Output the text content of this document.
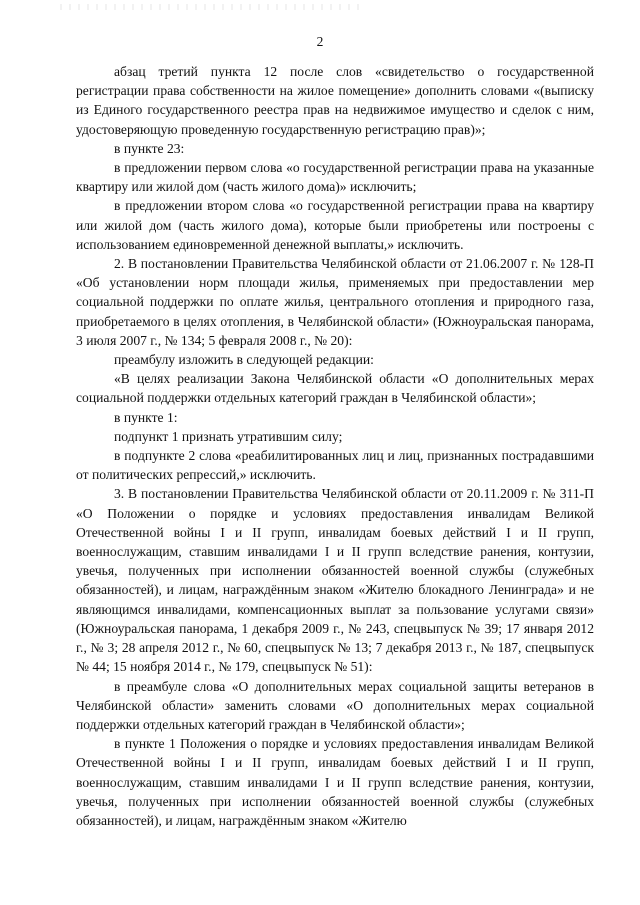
2

абзац третий пункта 12 после слов «свидетельство о государственной регистрации права собственности на жилое помещение» дополнить словами «(выписку из Единого государственного реестра прав на недвижимое имущество и сделок с ним, удостоверяющую проведенную государственную регистрацию прав)»;

в пункте 23:

в предложении первом слова «о государственной регистрации права на указанные квартиру или жилой дом (часть жилого дома)» исключить;

в предложении втором слова «о государственной регистрации права на квартиру или жилой дом (часть жилого дома), которые были приобретены или построены с использованием единовременной денежной выплаты,» исключить.

2. В постановлении Правительства Челябинской области от 21.06.2007 г. № 128-П «Об установлении норм площади жилья, применяемых при предоставлении мер социальной поддержки по оплате жилья, центрального отопления и природного газа, приобретаемого в целях отопления, в Челябинской области» (Южноуральская панорама, 3 июля 2007 г., № 134; 5 февраля 2008 г., № 20):

преамбулу изложить в следующей редакции:

«В целях реализации Закона Челябинской области «О дополнительных мерах социальной поддержки отдельных категорий граждан в Челябинской области»;

в пункте 1:

подпункт 1 признать утратившим силу;

в подпункте 2 слова «реабилитированных лиц и лиц, признанных пострадавшими от политических репрессий,» исключить.

3. В постановлении Правительства Челябинской области от 20.11.2009 г. № 311-П «О Положении о порядке и условиях предоставления инвалидам Великой Отечественной войны I и II групп, инвалидам боевых действий I и II групп, военнослужащим, ставшим инвалидами I и II групп вследствие ранения, контузии, увечья, полученных при исполнении обязанностей военной службы (служебных обязанностей), и лицам, награждённым знаком «Жителю блокадного Ленинграда» и не являющимся инвалидами, компенсационных выплат за пользование услугами связи» (Южноуральская панорама, 1 декабря 2009 г., № 243, спецвыпуск № 39; 17 января 2012 г., № 3; 28 апреля 2012 г., № 60, спецвыпуск № 13; 7 декабря 2013 г., № 187, спецвыпуск № 44; 15 ноября 2014 г., № 179, спецвыпуск № 51):

в преамбуле слова «О дополнительных мерах социальной защиты ветеранов в Челябинской области» заменить словами «О дополнительных мерах социальной поддержки отдельных категорий граждан в Челябинской области»;

в пункте 1 Положения о порядке и условиях предоставления инвалидам Великой Отечественной войны I и II групп, инвалидам боевых действий I и II групп, военнослужащим, ставшим инвалидами I и II групп вследствие ранения, контузии, увечья, полученных при исполнении обязанностей военной службы (служебных обязанностей), и лицам, награждённым знаком «Жителю
